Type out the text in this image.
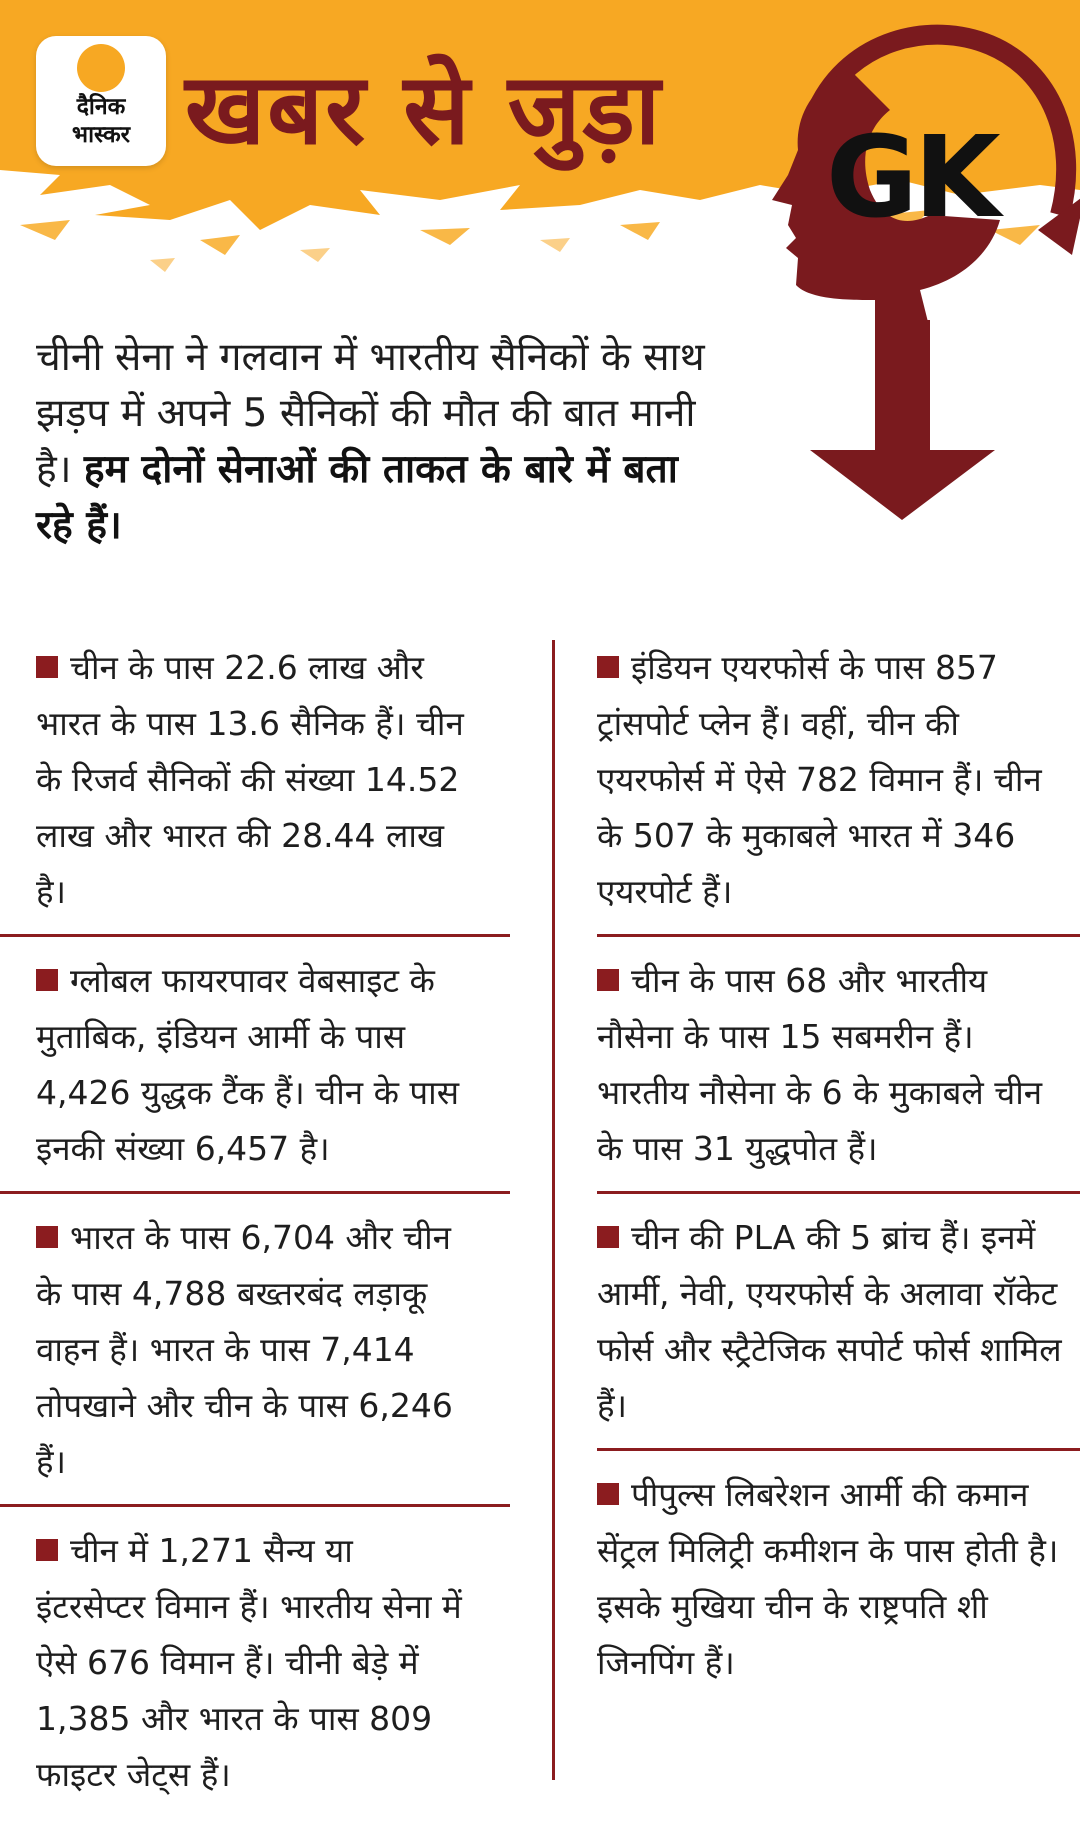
दैनिक
भास्कर खबर से जुड़ा
GK
चीनी सेना ने गलवान में भारतीय सैनिकों के साथ झड़प में अपने 5 सैनिकों की मौत की बात मानी है। हम दोनों सेनाओं की ताकत के बारे में बता रहे हैं।
चीन के पास 22.6 लाख और भारत के पास 13.6 सैनिक हैं। चीन के रिजर्व सैनिकों की संख्या 14.52 लाख और भारत की 28.44 लाख है।
ग्लोबल फायरपावर वेबसाइट के मुताबिक, इंडियन आर्मी के पास 4,426 युद्धक टैंक हैं। चीन के पास इनकी संख्या 6,457 है।
भारत के पास 6,704 और चीन के पास 4,788 बख्तरबंद लड़ाकू वाहन हैं। भारत के पास 7,414 तोपखाने और चीन के पास 6,246 हैं।
चीन में 1,271 सैन्य या इंटरसेप्टर विमान हैं। भारतीय सेना में ऐसे 676 विमान हैं। चीनी बेड़े में 1,385 और भारत के पास 809 फाइटर जेट्स हैं।
इंडियन एयरफोर्स के पास 857 ट्रांसपोर्ट प्लेन हैं। वहीं, चीन की एयरफोर्स में ऐसे 782 विमान हैं। चीन के 507 के मुकाबले भारत में 346 एयरपोर्ट हैं।
चीन के पास 68 और भारतीय नौसेना के पास 15 सबमरीन हैं। भारतीय नौसेना के 6 के मुकाबले चीन के पास 31 युद्धपोत हैं।
चीन की PLA की 5 ब्रांच हैं। इनमें आर्मी, नेवी, एयरफोर्स के अलावा रॉकेट फोर्स और स्ट्रैटेजिक सपोर्ट फोर्स शामिल हैं।
पीपुल्स लिबरेशन आर्मी की कमान सेंट्रल मिलिट्री कमीशन के पास होती है। इसके मुखिया चीन के राष्ट्रपति शी जिनपिंग हैं।
